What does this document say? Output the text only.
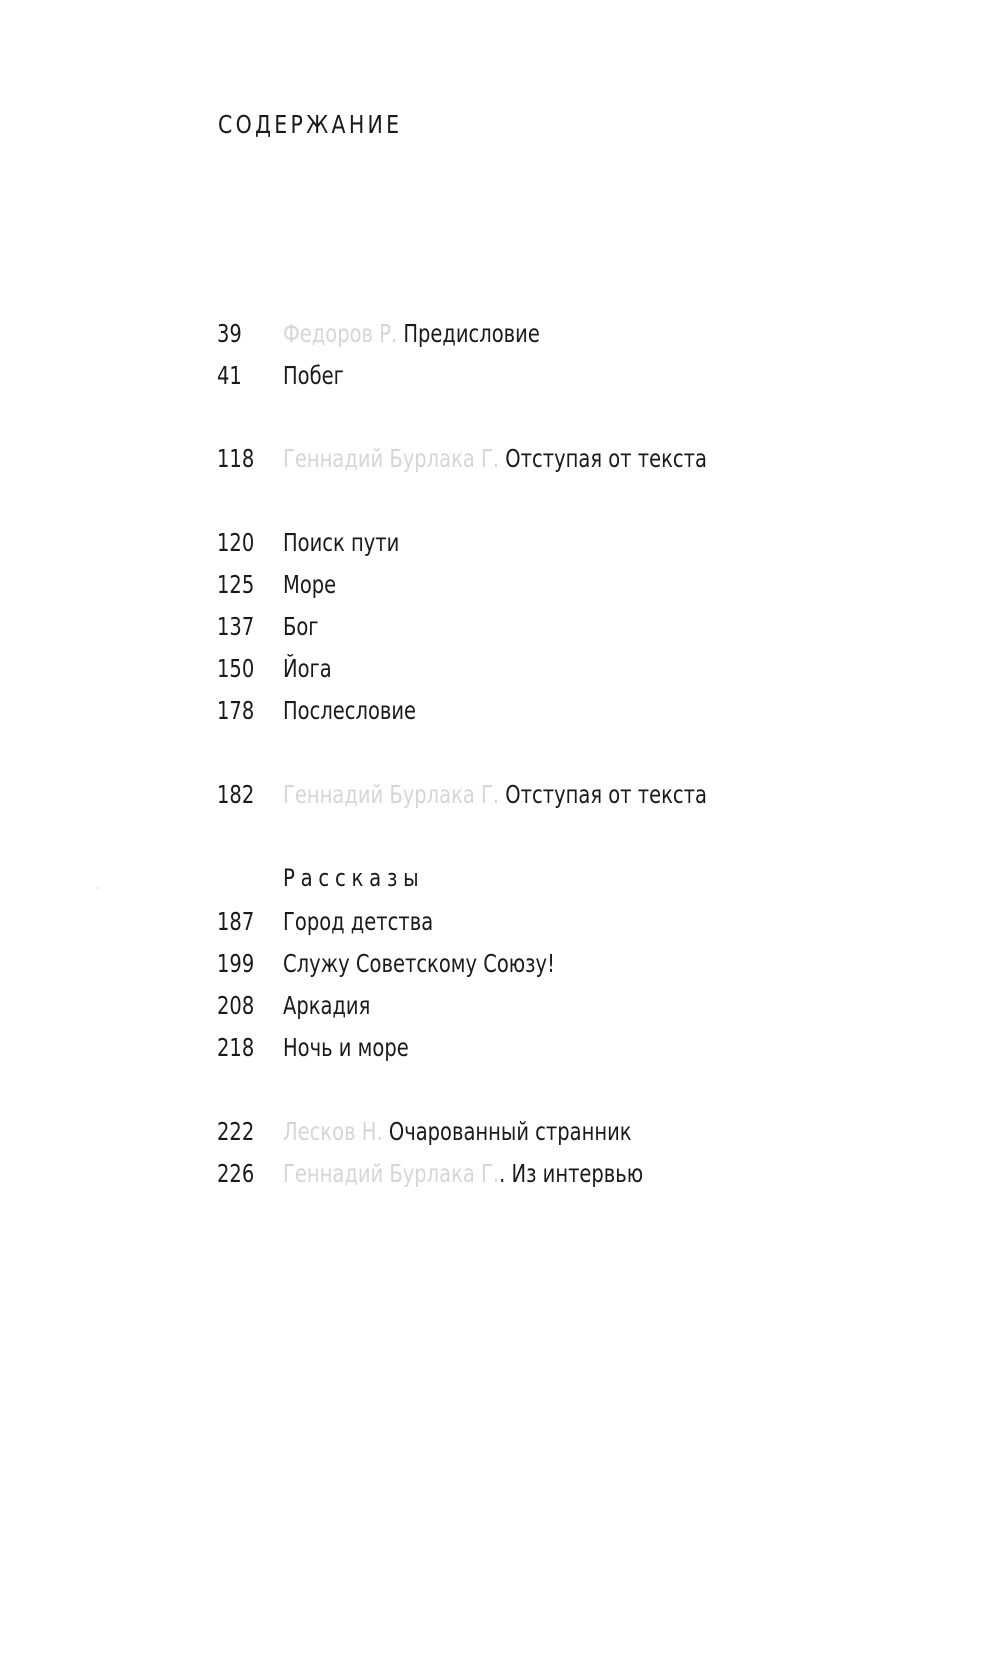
СОДЕРЖАНИЕ
39 Федоров Р. Предисловие
41 Побег
118 Геннадий Бурлака Г. Отступая от текста
120 Поиск пути
125 Море
137 Бог
150 Йога
178 Послесловие
182 Геннадий Бурлака Г. Отступая от текста
Рассказы
187 Город детства
199 Служу Советскому Союзу!
208 Аркадия
218 Ночь и море
222 Лесков Н. Очарованный странник
226 Геннадий Бурлака Г.. Из интервью
